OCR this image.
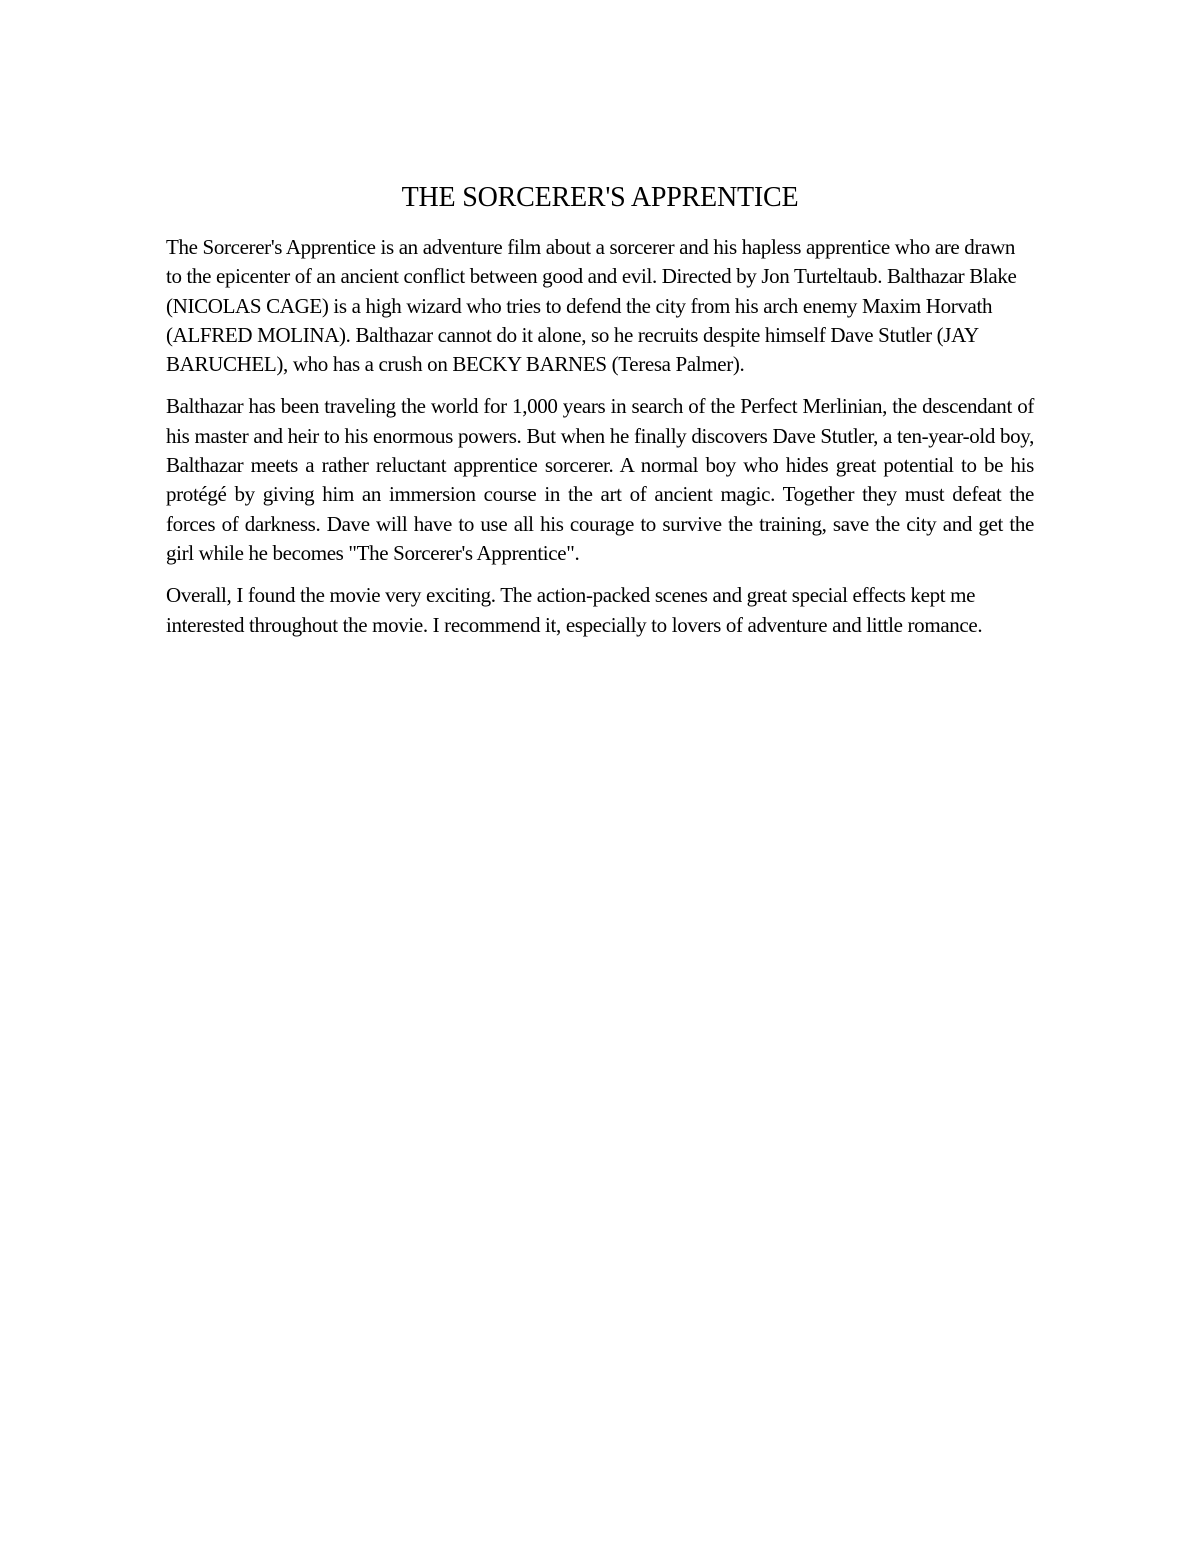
THE SORCERER'S APPRENTICE

The Sorcerer's Apprentice is an adventure film about a sorcerer and his hapless apprentice who are drawn to the epicenter of an ancient conflict between good and evil. Directed by Jon Turteltaub. Balthazar Blake (NICOLAS CAGE) is a high wizard who tries to defend the city from his arch enemy Maxim Horvath (ALFRED MOLINA). Balthazar cannot do it alone, so he recruits despite himself Dave Stutler (JAY BARUCHEL), who has a crush on BECKY BARNES (Teresa Palmer).

Balthazar has been traveling the world for 1,000 years in search of the Perfect Merlinian, the descendant of his master and heir to his enormous powers. But when he finally discovers Dave Stutler, a ten-year-old boy, Balthazar meets a rather reluctant apprentice sorcerer. A normal boy who hides great potential to be his protégé by giving him an immersion course in the art of ancient magic. Together they must defeat the forces of darkness. Dave will have to use all his courage to survive the training, save the city and get the girl while he becomes "The Sorcerer's Apprentice".

Overall, I found the movie very exciting. The action-packed scenes and great special effects kept me interested throughout the movie. I recommend it, especially to lovers of adventure and little romance.
